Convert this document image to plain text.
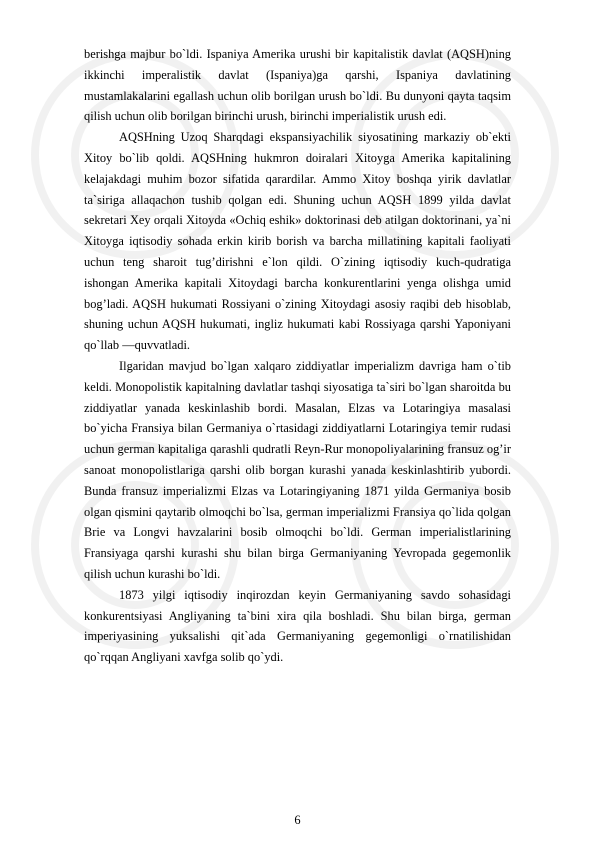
berishga majbur bo`ldi. Ispaniya Amerika urushi bir kapitalistik davlat (AQSH)ning ikkinchi imperalistik davlat (Ispaniya)ga qarshi, Ispaniya davlatining mustamlakalarini egallash uchun olib borilgan urush bo`ldi. Bu dunyoni qayta taqsim qilish uchun olib borilgan birinchi urush, birinchi imperialistik urush edi.

AQSHning Uzoq Sharqdagi ekspansiyachilik siyosatining markaziy ob`ekti Xitoy bo`lib qoldi. AQSHning hukmron doiralari Xitoyga Amerika kapitalining kelajakdagi muhim bozor sifatida qarardilar. Ammo Xitoy boshqa yirik davlatlar ta`siriga allaqachon tushib qolgan edi. Shuning uchun AQSH 1899 yilda davlat sekretari Xey orqali Xitoyda «Ochiq eshik» doktorinasi deb atilgan doktorinani, ya`ni Xitoyga iqtisodiy sohada erkin kirib borish va barcha millatining kapitali faoliyati uchun teng sharoit tug’dirishni e`lon qildi. O`zining iqtisodiy kuch-qudratiga ishongan Amerika kapitali Xitoydagi barcha konkurentlarini yenga olishga umid bog’ladi. AQSH hukumati Rossiyani o`zining Xitoydagi asosiy raqibi deb hisoblab, shuning uchun AQSH hukumati, ingliz hukumati kabi Rossiyaga qarshi Yaponiyani qo`llab —quvvatladi.

Ilgaridan mavjud bo`lgan xalqaro ziddiyatlar imperializm davriga ham o`tib keldi. Monopolistik kapitalning davlatlar tashqi siyosatiga ta`siri bo`lgan sharoitda bu ziddiyatlar yanada keskinlashib bordi. Masalan, Elzas va Lotaringiya masalasi bo`yicha Fransiya bilan Germaniya o`rtasidagi ziddiyatlarni Lotaringiya temir rudasi uchun german kapitaliga qarashli qudratli Reyn-Rur monopoliyalarining fransuz og’ir sanoat monopolistlariga qarshi olib borgan kurashi yanada keskinlashtirib yubordi. Bunda fransuz imperializmi Elzas va Lotaringiyaning 1871 yilda Germaniya bosib olgan qismini qaytarib olmoqchi bo`lsa, german imperializmi Fransiya qo`lida qolgan Brie va Longvi havzalarini bosib olmoqchi bo`ldi. German imperialistlarining Fransiyaga qarshi kurashi shu bilan birga Germaniyaning Yevropada gegemonlik qilish uchun kurashi bo`ldi.

1873 yilgi iqtisodiy inqirozdan keyin Germaniyaning savdo sohasidagi konkurentsiyasi Angliyaning ta`bini xira qila boshladi. Shu bilan birga, german imperiyasining yuksalishi qit`ada Germaniyaning gegemonligi o`rnatilishidan qo`rqqan Angliyani xavfga solib qo`ydi.

6
